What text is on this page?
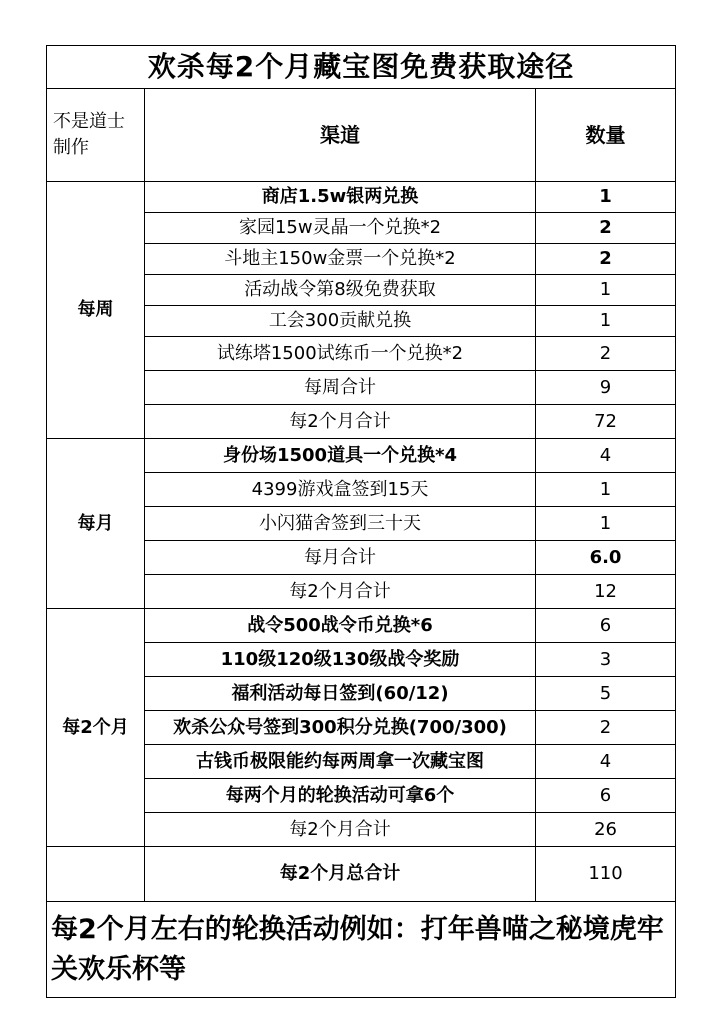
欢杀每2个月藏宝图免费获取途径		
不是道士
制作	渠道	数量
每周	商店1.5w银两兑换	1
	家园15w灵晶一个兑换*2	2
	斗地主150w金票一个兑换*2	2
	活动战令第8级免费获取	1
	工会300贡献兑换	1
	试练塔1500试练币一个兑换*2	2
	每周合计	9
	每2个月合计	72
每月	身份场1500道具一个兑换*4	4
	4399游戏盒签到15天	1
	小闪猫舍签到三十天	1
	每月合计	6.0
	每2个月合计	12
每2个月	战令500战令币兑换*6	6
	110级120级130级战令奖励	3
	福利活动每日签到(60/12)	5
	欢杀公众号签到300积分兑换(700/300)	2
	古钱币极限能约每两周拿一次藏宝图	4
	每两个月的轮换活动可拿6个	6
	每2个月合计	26
	每2个月总合计	110
每2个月左右的轮换活动例如：打年兽喵之秘境虎牢关欢乐杯等		
